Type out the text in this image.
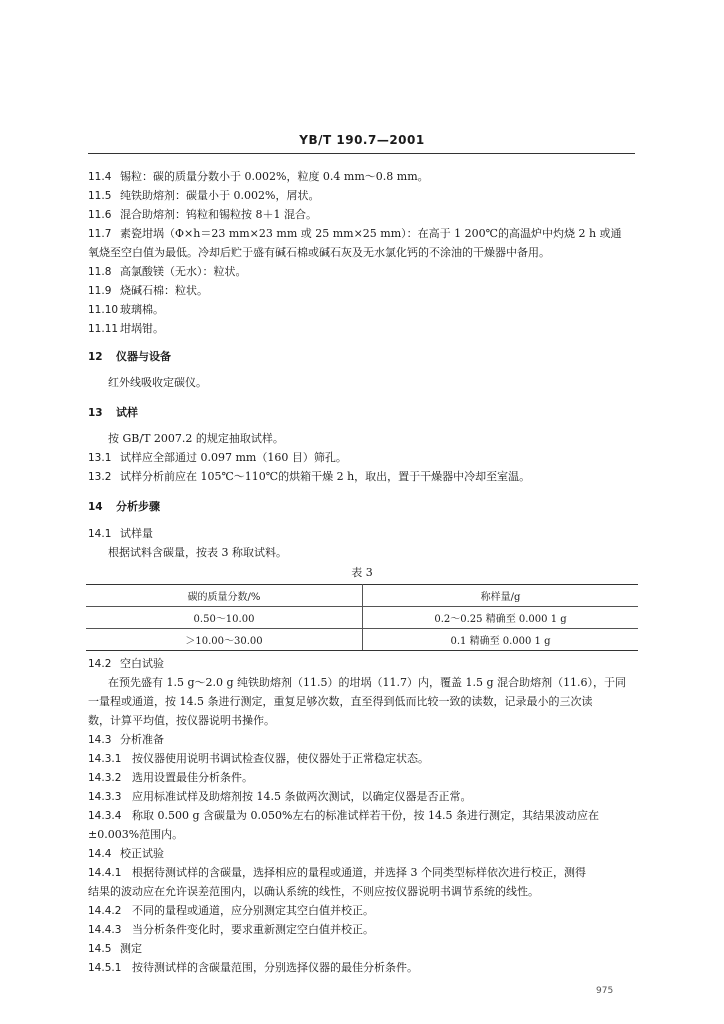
YB/T 190.7—2001
11.4 锡粒：碳的质量分数小于 0.002%，粒度 0.4 mm～0.8 mm。
11.5 纯铁助熔剂：碳量小于 0.002%，屑状。
11.6 混合助熔剂：钨粒和锡粒按 8＋1 混合。
11.7 素瓷坩埚（Φ×h＝23 mm×23 mm 或 25 mm×25 mm）：在高于 1 200℃的高温炉中灼烧 2 h 或通
氧烧至空白值为最低。冷却后贮于盛有碱石棉或碱石灰及无水氯化钙的不涂油的干燥器中备用。
11.8 高氯酸镁（无水）：粒状。
11.9 烧碱石棉：粒状。
11.10 玻璃棉。
11.11 坩埚钳。
12 仪器与设备
红外线吸收定碳仪。
13 试样
按 GB/T 2007.2 的规定抽取试样。
13.1 试样应全部通过 0.097 mm（160 目）筛孔。
13.2 试样分析前应在 105℃～110℃的烘箱干燥 2 h，取出，置于干燥器中冷却至室温。
14 分析步骤
14.1 试样量
根据试料含碳量，按表 3 称取试料。
表 3
碳的质量分数/%	称样量/g
0.50～10.00	0.2～0.25 精确至 0.000 1 g
＞10.00～30.00	0.1 精确至 0.000 1 g
14.2 空白试验
在预先盛有 1.5 g～2.0 g 纯铁助熔剂（11.5）的坩埚（11.7）内，覆盖 1.5 g 混合助熔剂（11.6），于同
一量程或通道，按 14.5 条进行测定，重复足够次数，直至得到低而比较一致的读数，记录最小的三次读
数，计算平均值，按仪器说明书操作。
14.3 分析准备
14.3.1 按仪器使用说明书调试检查仪器，使仪器处于正常稳定状态。
14.3.2 选用设置最佳分析条件。
14.3.3 应用标准试样及助熔剂按 14.5 条做两次测试，以确定仪器是否正常。
14.3.4 称取 0.500 g 含碳量为 0.050%左右的标准试样若干份，按 14.5 条进行测定，其结果波动应在
±0.003%范围内。
14.4 校正试验
14.4.1 根据待测试样的含碳量，选择相应的量程或通道，并选择 3 个同类型标样依次进行校正，测得
结果的波动应在允许误差范围内，以确认系统的线性，不则应按仪器说明书调节系统的线性。
14.4.2 不同的量程或通道，应分别测定其空白值并校正。
14.4.3 当分析条件变化时，要求重新测定空白值并校正。
14.5 测定
14.5.1 按待测试样的含碳量范围，分别选择仪器的最佳分析条件。
975
